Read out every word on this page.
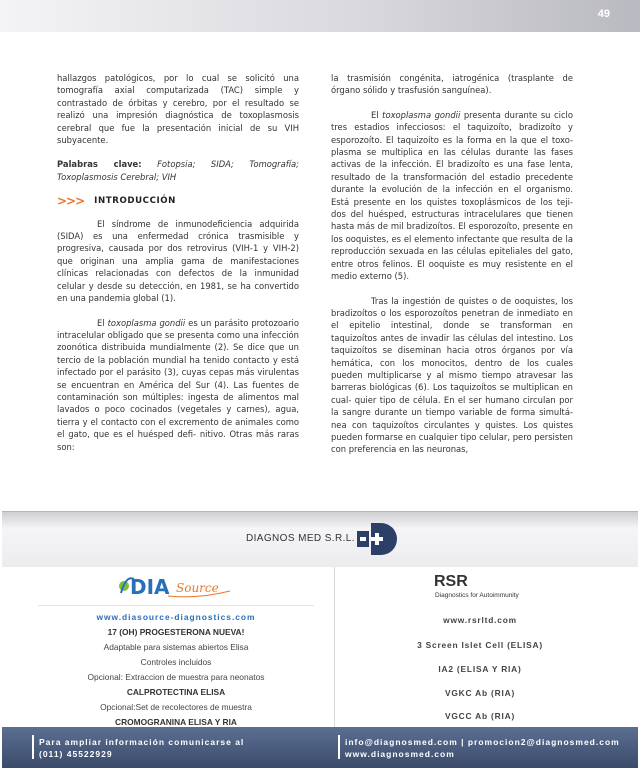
49

hallazgos patológicos, por lo cual se solicitó una tomografía axial computarizada (TAC) simple y contrastado de órbitas y cerebro, por el resultado se realizó una impresión diagnóstica de toxoplasmosis cerebral que fue la presentación inicial de su VIH subyacente.

Palabras clave: Fotopsia; SIDA; Tomografía; Toxoplasmosis Cerebral; VIH

>>> INTRODUCCIÓN

El síndrome de inmunodeficiencia adquirida (SIDA) es una enfermedad crónica trasmisible y progresiva, causada por dos retrovirus (VIH-1 y VIH-2) que originan una amplia gama de manifestaciones clínicas relacionadas con defectos de la inmunidad celular y desde su detección, en 1981, se ha convertido en una pandemia global (1).

El toxoplasma gondii es un parásito protozoario intracelular obligado que se presenta como una infección zoonótica distribuida mundialmente (2). Se dice que un tercio de la población mundial ha tenido contacto y está infectado por el parásito (3), cuyas cepas más virulentas se encuentran en América del Sur (4). Las fuentes de contaminación son múltiples: ingesta de alimentos mal lavados o poco cocinados (vegetales y carnes), agua, tierra y el contacto con el excremento de animales como el gato, que es el huésped defi- nitivo. Otras más raras son:

la trasmisión congénita, iatrogénica (trasplante de órgano sólido y trasfusión sanguínea).

El toxoplasma gondii presenta durante su ciclo tres estadios infecciosos: el taquizoíto, bradizoíto y esporozoíto. El taquizoíto es la forma en la que el toxo- plasma se multiplica en las células durante las fases activas de la infección. El bradizoíto es una fase lenta, resultado de la transformación del estadio precedente durante la evolución de la infección en el organismo. Está presente en los quistes toxoplásmicos de los teji- dos del huésped, estructuras intracelulares que tienen hasta más de mil bradizoítos. El esporozoíto, presente en los ooquistes, es el elemento infectante que resulta de la reproducción sexuada en las células epiteliales del gato, entre otros felinos. El ooquiste es muy resistente en el medio externo (5).

Tras la ingestión de quistes o de ooquistes, los bradizoítos o los esporozoítos penetran de inmediato en el epitelio intestinal, donde se transforman en taquizoítos antes de invadir las células del intestino. Los taquizoítos se diseminan hacia otros órganos por vía hemática, con los monocitos, dentro de los cuales pueden multiplicarse y al mismo tiempo atravesar las barreras biológicas (6). Los taquizoítos se multiplican en cual- quier tipo de célula. En el ser humano circulan por la sangre durante un tiempo variable de forma simultá- nea con taquizoítos circulantes y quistes. Los quistes pueden formarse en cualquier tipo celular, pero persisten con preferencia en las neuronas,

DIAGNOS MED S.R.L.
DIA Source
www.diasource-diagnostics.com
17 (OH) PROGESTERONA NUEVA!
Adaptable para sistemas abiertos Elisa
Controles incluidos
Opcional: Extraccion de muestra para neonatos
CALPROTECTINA ELISA
Opcional:Set de recolectores de muestra
CROMOGRANINA ELISA Y RIA
RSR
Diagnostics for Autoimmunity
www.rsrltd.com
3 Screen Islet Cell (ELISA)
IA2 (ELISA Y RIA)
VGKC Ab (RIA)
VGCC Ab (RIA)
Para ampliar información comunicarse al
(011) 45522929
info@diagnosmed.com | promocion2@diagnosmed.com
www.diagnosmed.com
